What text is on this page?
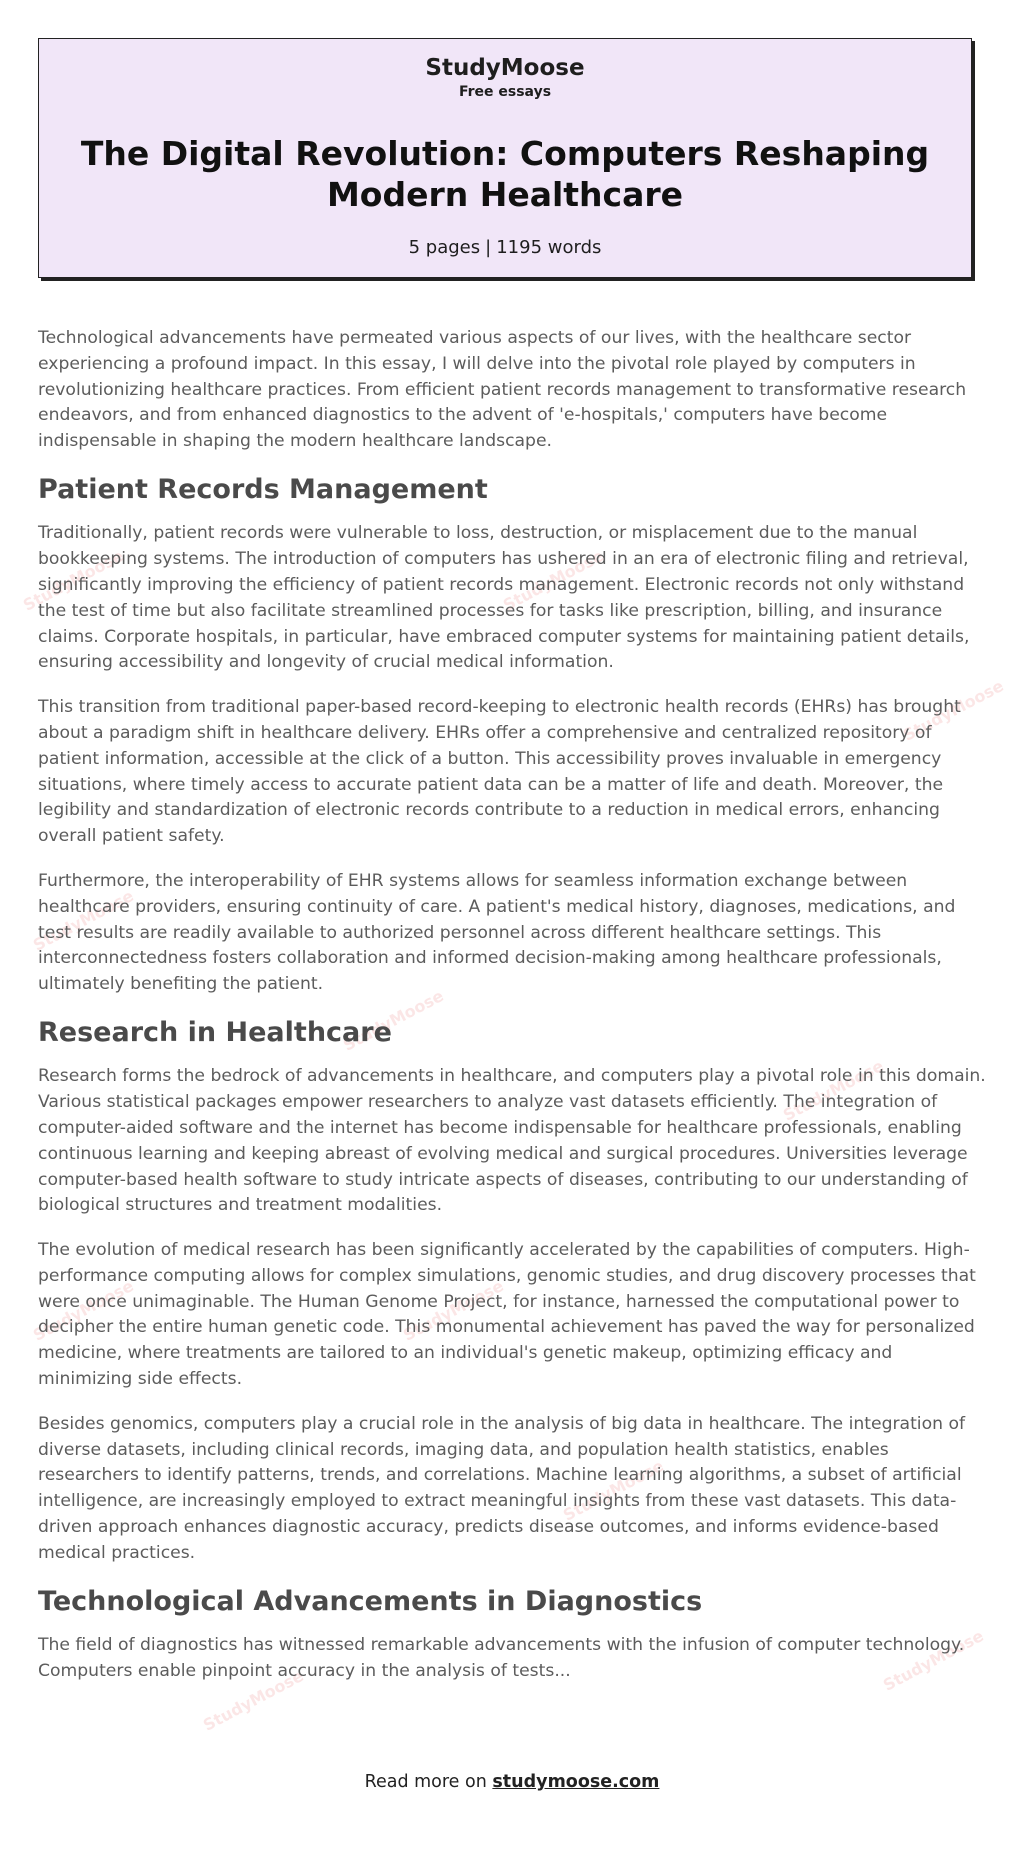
StudyMoose	StudyMoose
StudyMoose
StudyMoose
StudyMoose
StudyMoose
StudyMoose	StudyMoose
StudyMoose
StudyMoose
StudyMoose
StudyMoose
Free essays
The Digital Revolution: Computers Reshaping Modern Healthcare
5 pages | 1195 words

Technological advancements have permeated various aspects of our lives, with the healthcare sector experiencing a profound impact. In this essay, I will delve into the pivotal role played by computers in revolutionizing healthcare practices. From efficient patient records management to transformative research endeavors, and from enhanced diagnostics to the advent of 'e-hospitals,' computers have become indispensable in shaping the modern healthcare landscape.

Patient Records Management

Traditionally, patient records were vulnerable to loss, destruction, or misplacement due to the manual bookkeeping systems. The introduction of computers has ushered in an era of electronic filing and retrieval, significantly improving the efficiency of patient records management. Electronic records not only withstand the test of time but also facilitate streamlined processes for tasks like prescription, billing, and insurance claims. Corporate hospitals, in particular, have embraced computer systems for maintaining patient details, ensuring accessibility and longevity of crucial medical information.

This transition from traditional paper-based record-keeping to electronic health records (EHRs) has brought about a paradigm shift in healthcare delivery. EHRs offer a comprehensive and centralized repository of patient information, accessible at the click of a button. This accessibility proves invaluable in emergency situations, where timely access to accurate patient data can be a matter of life and death. Moreover, the legibility and standardization of electronic records contribute to a reduction in medical errors, enhancing overall patient safety.

Furthermore, the interoperability of EHR systems allows for seamless information exchange between healthcare providers, ensuring continuity of care. A patient's medical history, diagnoses, medications, and test results are readily available to authorized personnel across different healthcare settings. This interconnectedness fosters collaboration and informed decision-making among healthcare professionals, ultimately benefiting the patient.

Research in Healthcare

Research forms the bedrock of advancements in healthcare, and computers play a pivotal role in this domain. Various statistical packages empower researchers to analyze vast datasets efficiently. The integration of computer-aided software and the internet has become indispensable for healthcare professionals, enabling continuous learning and keeping abreast of evolving medical and surgical procedures. Universities leverage computer-based health software to study intricate aspects of diseases, contributing to our understanding of biological structures and treatment modalities.

The evolution of medical research has been significantly accelerated by the capabilities of computers. High-performance computing allows for complex simulations, genomic studies, and drug discovery processes that were once unimaginable. The Human Genome Project, for instance, harnessed the computational power to decipher the entire human genetic code. This monumental achievement has paved the way for personalized medicine, where treatments are tailored to an individual's genetic makeup, optimizing efficacy and minimizing side effects.

Besides genomics, computers play a crucial role in the analysis of big data in healthcare. The integration of diverse datasets, including clinical records, imaging data, and population health statistics, enables researchers to identify patterns, trends, and correlations. Machine learning algorithms, a subset of artificial intelligence, are increasingly employed to extract meaningful insights from these vast datasets. This data-driven approach enhances diagnostic accuracy, predicts disease outcomes, and informs evidence-based medical practices.

Technological Advancements in Diagnostics

The field of diagnostics has witnessed remarkable advancements with the infusion of computer technology. Computers enable pinpoint accuracy in the analysis of tests...

Read more on studymoose.com
